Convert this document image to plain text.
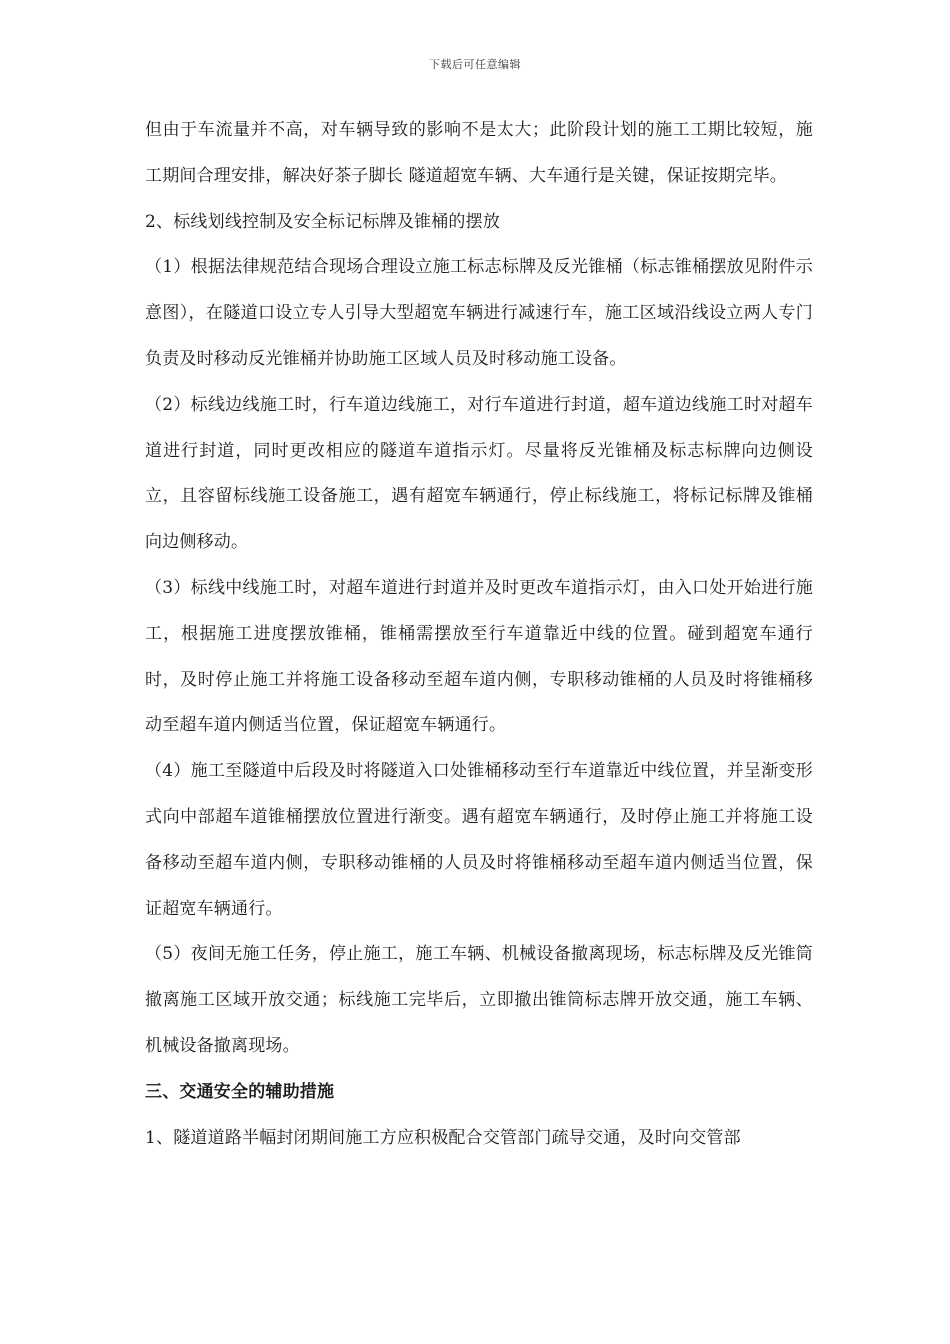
下载后可任意编辑

但由于车流量并不高，对车辆导致的影响不是太大；此阶段计划的施工工期比较短，施工期间合理安排，解决好茶子脚长 隧道超宽车辆、大车通行是关键，保证按期完毕。

2、标线划线控制及安全标记标牌及锥桶的摆放

（1）根据法律规范结合现场合理设立施工标志标牌及反光锥桶（标志锥桶摆放见附件示意图），在隧道口设立专人引导大型超宽车辆进行减速行车，施工区域沿线设立两人专门负责及时移动反光锥桶并协助施工区域人员及时移动施工设备。

（2）标线边线施工时，行车道边线施工，对行车道进行封道，超车道边线施工时对超车道进行封道，同时更改相应的隧道车道指示灯。尽量将反光锥桶及标志标牌向边侧设立，且容留标线施工设备施工，遇有超宽车辆通行，停止标线施工，将标记标牌及锥桶向边侧移动。

（3）标线中线施工时，对超车道进行封道并及时更改车道指示灯，由入口处开始进行施工，根据施工进度摆放锥桶，锥桶需摆放至行车道靠近中线的位置。碰到超宽车通行时，及时停止施工并将施工设备移动至超车道内侧，专职移动锥桶的人员及时将锥桶移动至超车道内侧适当位置，保证超宽车辆通行。

（4）施工至隧道中后段及时将隧道入口处锥桶移动至行车道靠近中线位置，并呈渐变形式向中部超车道锥桶摆放位置进行渐变。遇有超宽车辆通行，及时停止施工并将施工设备移动至超车道内侧，专职移动锥桶的人员及时将锥桶移动至超车道内侧适当位置，保证超宽车辆通行。

（5）夜间无施工任务，停止施工，施工车辆、机械设备撤离现场，标志标牌及反光锥筒撤离施工区域开放交通；标线施工完毕后，立即撤出锥筒标志牌开放交通，施工车辆、机械设备撤离现场。

三、交通安全的辅助措施

1、隧道道路半幅封闭期间施工方应积极配合交管部门疏导交通，及时向交管部
